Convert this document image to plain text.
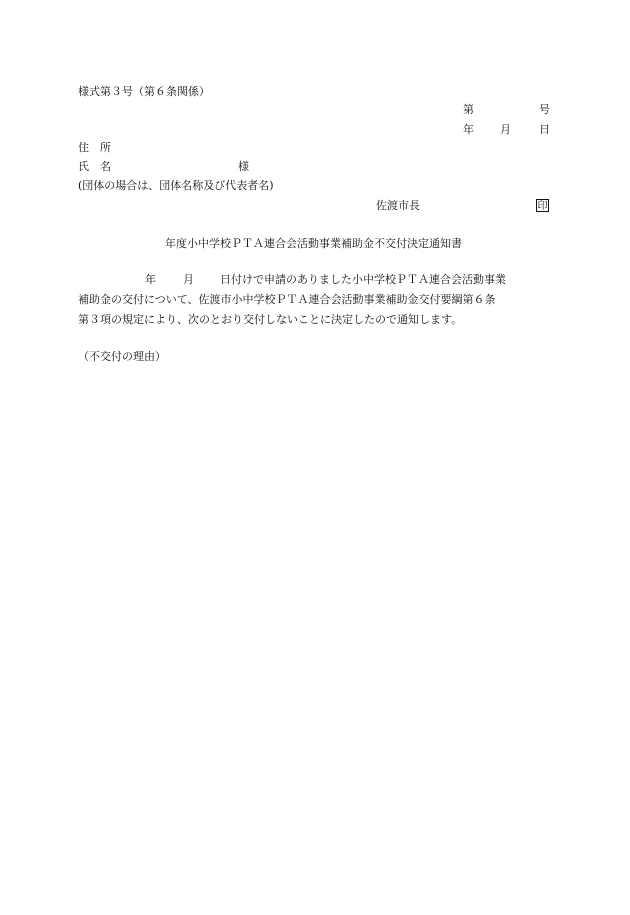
様式第３号（第６条関係）
第	号
年 月	日
住　所
氏　名	様
(団体の場合は、団体名称及び代表者名)
佐渡市長	印
年度小中学校ＰＴＡ連合会活動事業補助金不交付決定通知書
年 月 日付けで申請のありました小中学校ＰＴＡ連合会活動事業
補助金の交付について、佐渡市小中学校ＰＴＡ連合会活動事業補助金交付要綱第６条
第３項の規定により、次のとおり交付しないことに決定したので通知します。
（不交付の理由）
